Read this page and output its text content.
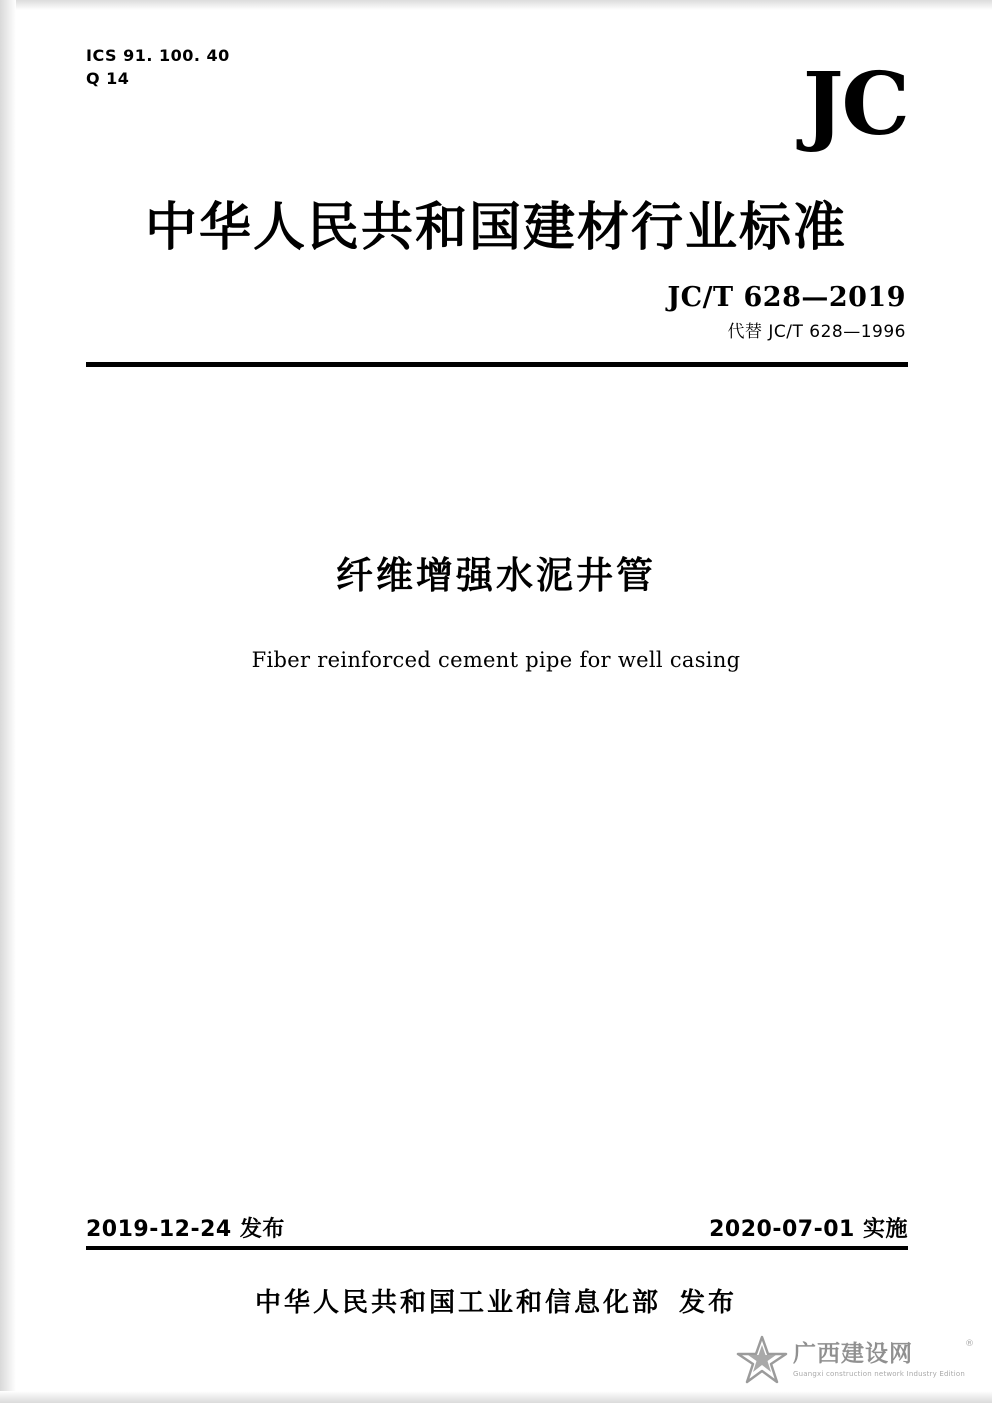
ICS 91. 100. 40
Q 14	JC
中华人民共和国建材行业标准
JC/T 628—2019
代替 JC/T 628—1996
纤维增强水泥井管
Fiber reinforced cement pipe for well casing
2019-12-24 发布	2020-07-01 实施
中华人民共和国工业和信息化部 发布
广西建设网
Guangxi construction network Industry Edition
®
